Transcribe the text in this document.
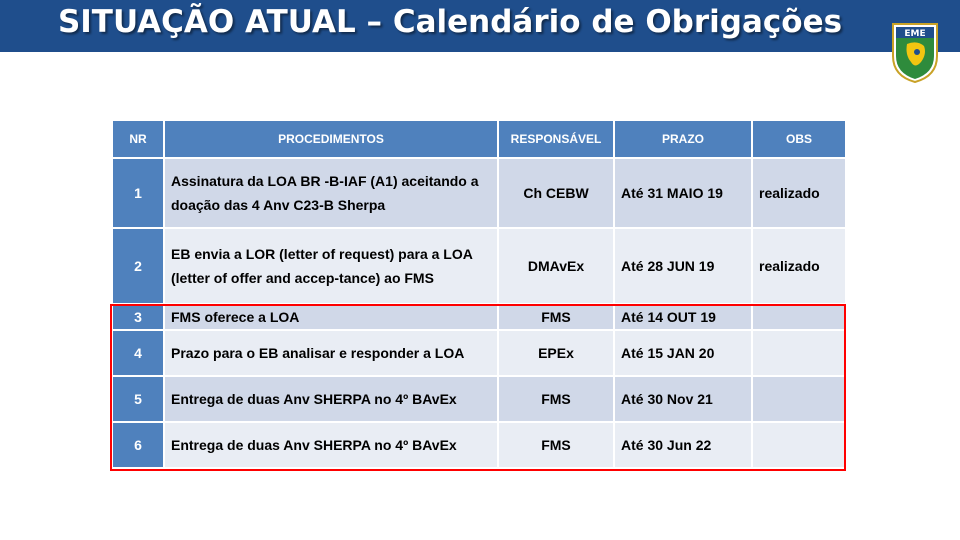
SITUAÇÃO ATUAL – Calendário de Obrigações	EME
NR	PROCEDIMENTOS	RESPONSÁVEL	PRAZO	OBS
1	Assinatura da LOA BR -B-IAF (A1) aceitando a doação das 4 Anv C23-B Sherpa	Ch CEBW	Até 31 MAIO 19	realizado
2	EB envia a LOR (letter of request) para a LOA (letter of offer and accep-tance) ao FMS	DMAvEx	Até 28 JUN 19	realizado
3	FMS oferece a LOA	FMS	Até 14 OUT 19	
4	Prazo para o EB analisar e responder a LOA	EPEx	Até 15 JAN 20	
5	Entrega de duas Anv SHERPA no 4º BAvEx	FMS	Até 30 Nov 21	
6	Entrega de duas Anv SHERPA no 4º BAvEx	FMS	Até 30 Jun 22	
